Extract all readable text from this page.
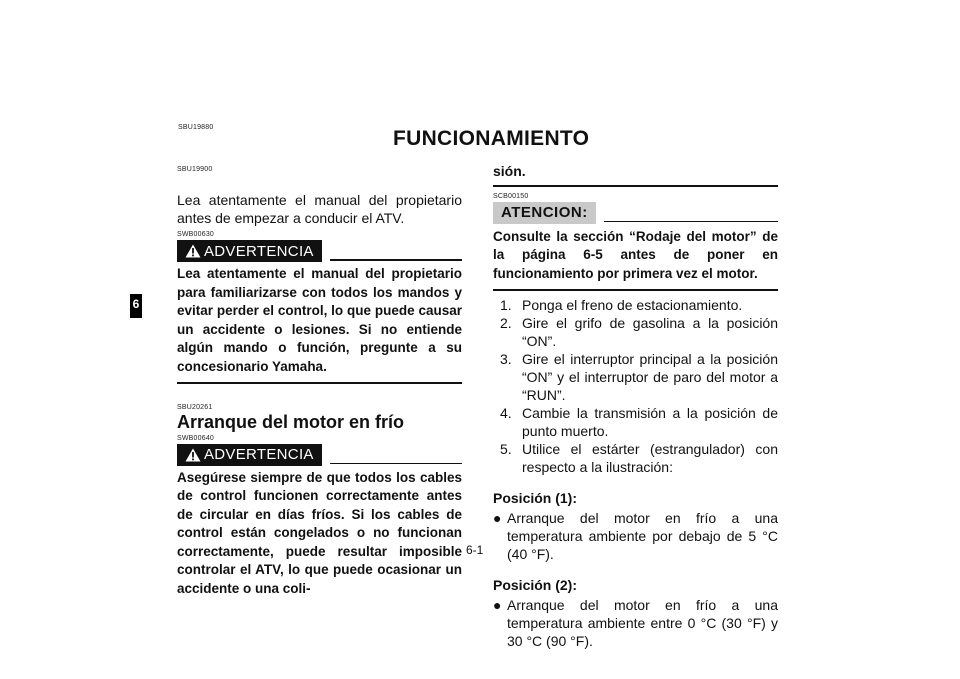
6
SBU19880	FUNCIONAMIENTO
SBU19900
Lea atentamente el manual del propietario antes de empezar a conducir el ATV.
SWB00630
ADVERTENCIA
Lea atentamente el manual del propietario para familiarizarse con todos los mandos y evitar perder el control, lo que puede causar un accidente o lesiones. Si no entiende algún mando o función, pregunte a su concesionario Yamaha.
SBU20261
Arranque del motor en frío
SWB00640
ADVERTENCIA
Asegúrese siempre de que todos los cables de control funcionen correctamente antes de circular en días fríos. Si los cables de control están congelados o no funcionan correctamente, puede resultar imposible controlar el ATV, lo que puede ocasionar un accidente o una coli-
sión.
SCB00150
ATENCION:
Consulte la sección “Rodaje del motor” de la página 6-5 antes de poner en funcionamiento por primera vez el motor.
1. Ponga el freno de estacionamiento.
2. Gire el grifo de gasolina a la posición “ON”.
3. Gire el interruptor principal a la posición “ON” y el interruptor de paro del motor a “RUN”.
4. Cambie la transmisión a la posición de punto muerto.
5. Utilice el estárter (estrangulador) con respecto a la ilustración:
Posición (1):
● Arranque del motor en frío a una temperatura ambiente por debajo de 5 °C (40 °F).
Posición (2):
● Arranque del motor en frío a una temperatura ambiente entre 0 °C (30 °F) y 30 °C (90 °F).
6-1
